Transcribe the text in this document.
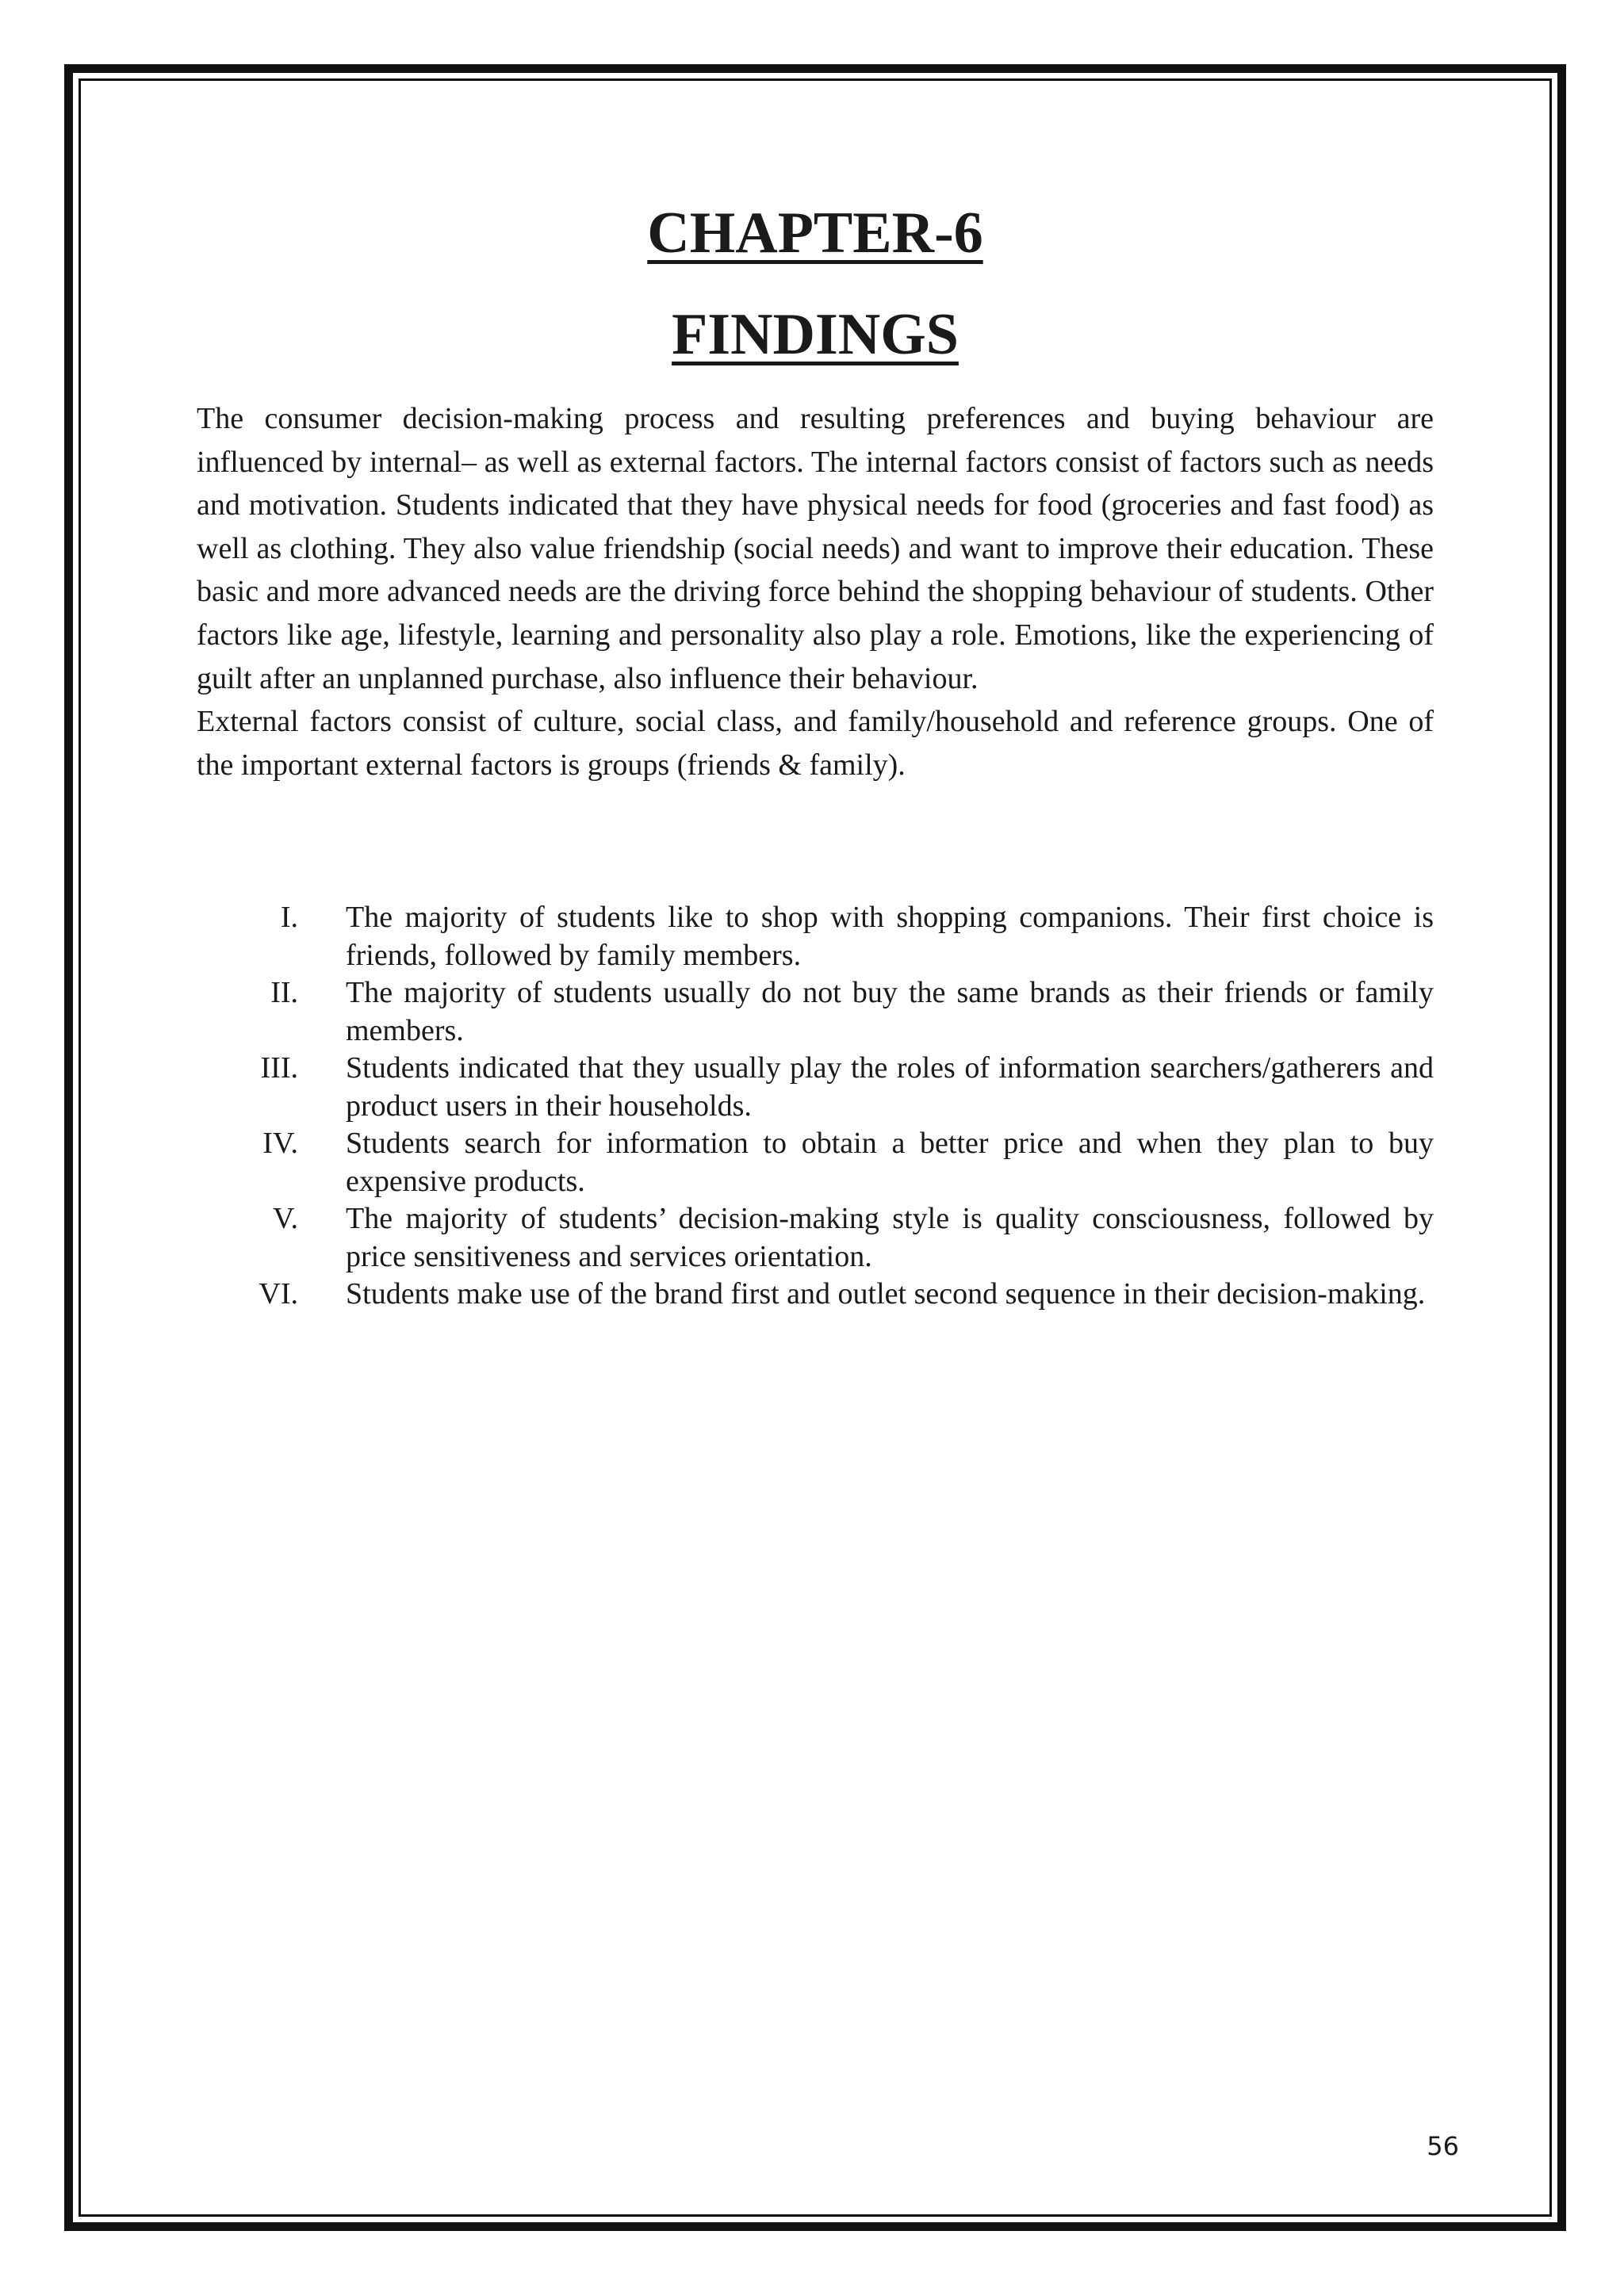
CHAPTER-6
FINDINGS

The consumer decision-making process and resulting preferences and buying behaviour are influenced by internal– as well as external factors. The internal factors consist of factors such as needs and motivation. Students indicated that they have physical needs for food (groceries and fast food) as well as clothing. They also value friendship (social needs) and want to improve their education. These basic and more advanced needs are the driving force behind the shopping behaviour of students. Other factors like age, lifestyle, learning and personality also play a role. Emotions, like the experiencing of guilt after an unplanned purchase, also influence their behaviour.

External factors consist of culture, social class, and family/household and reference groups. One of the important external factors is groups (friends & family).

I. The majority of students like to shop with shopping companions. Their first choice is friends, followed by family members.
II. The majority of students usually do not buy the same brands as their friends or family members.
III. Students indicated that they usually play the roles of information searchers/gatherers and product users in their households.
IV. Students search for information to obtain a better price and when they plan to buy expensive products.
V. The majority of students’ decision-making style is quality consciousness, followed by price sensitiveness and services orientation.
VI. Students make use of the brand first and outlet second sequence in their decision-making.
56
